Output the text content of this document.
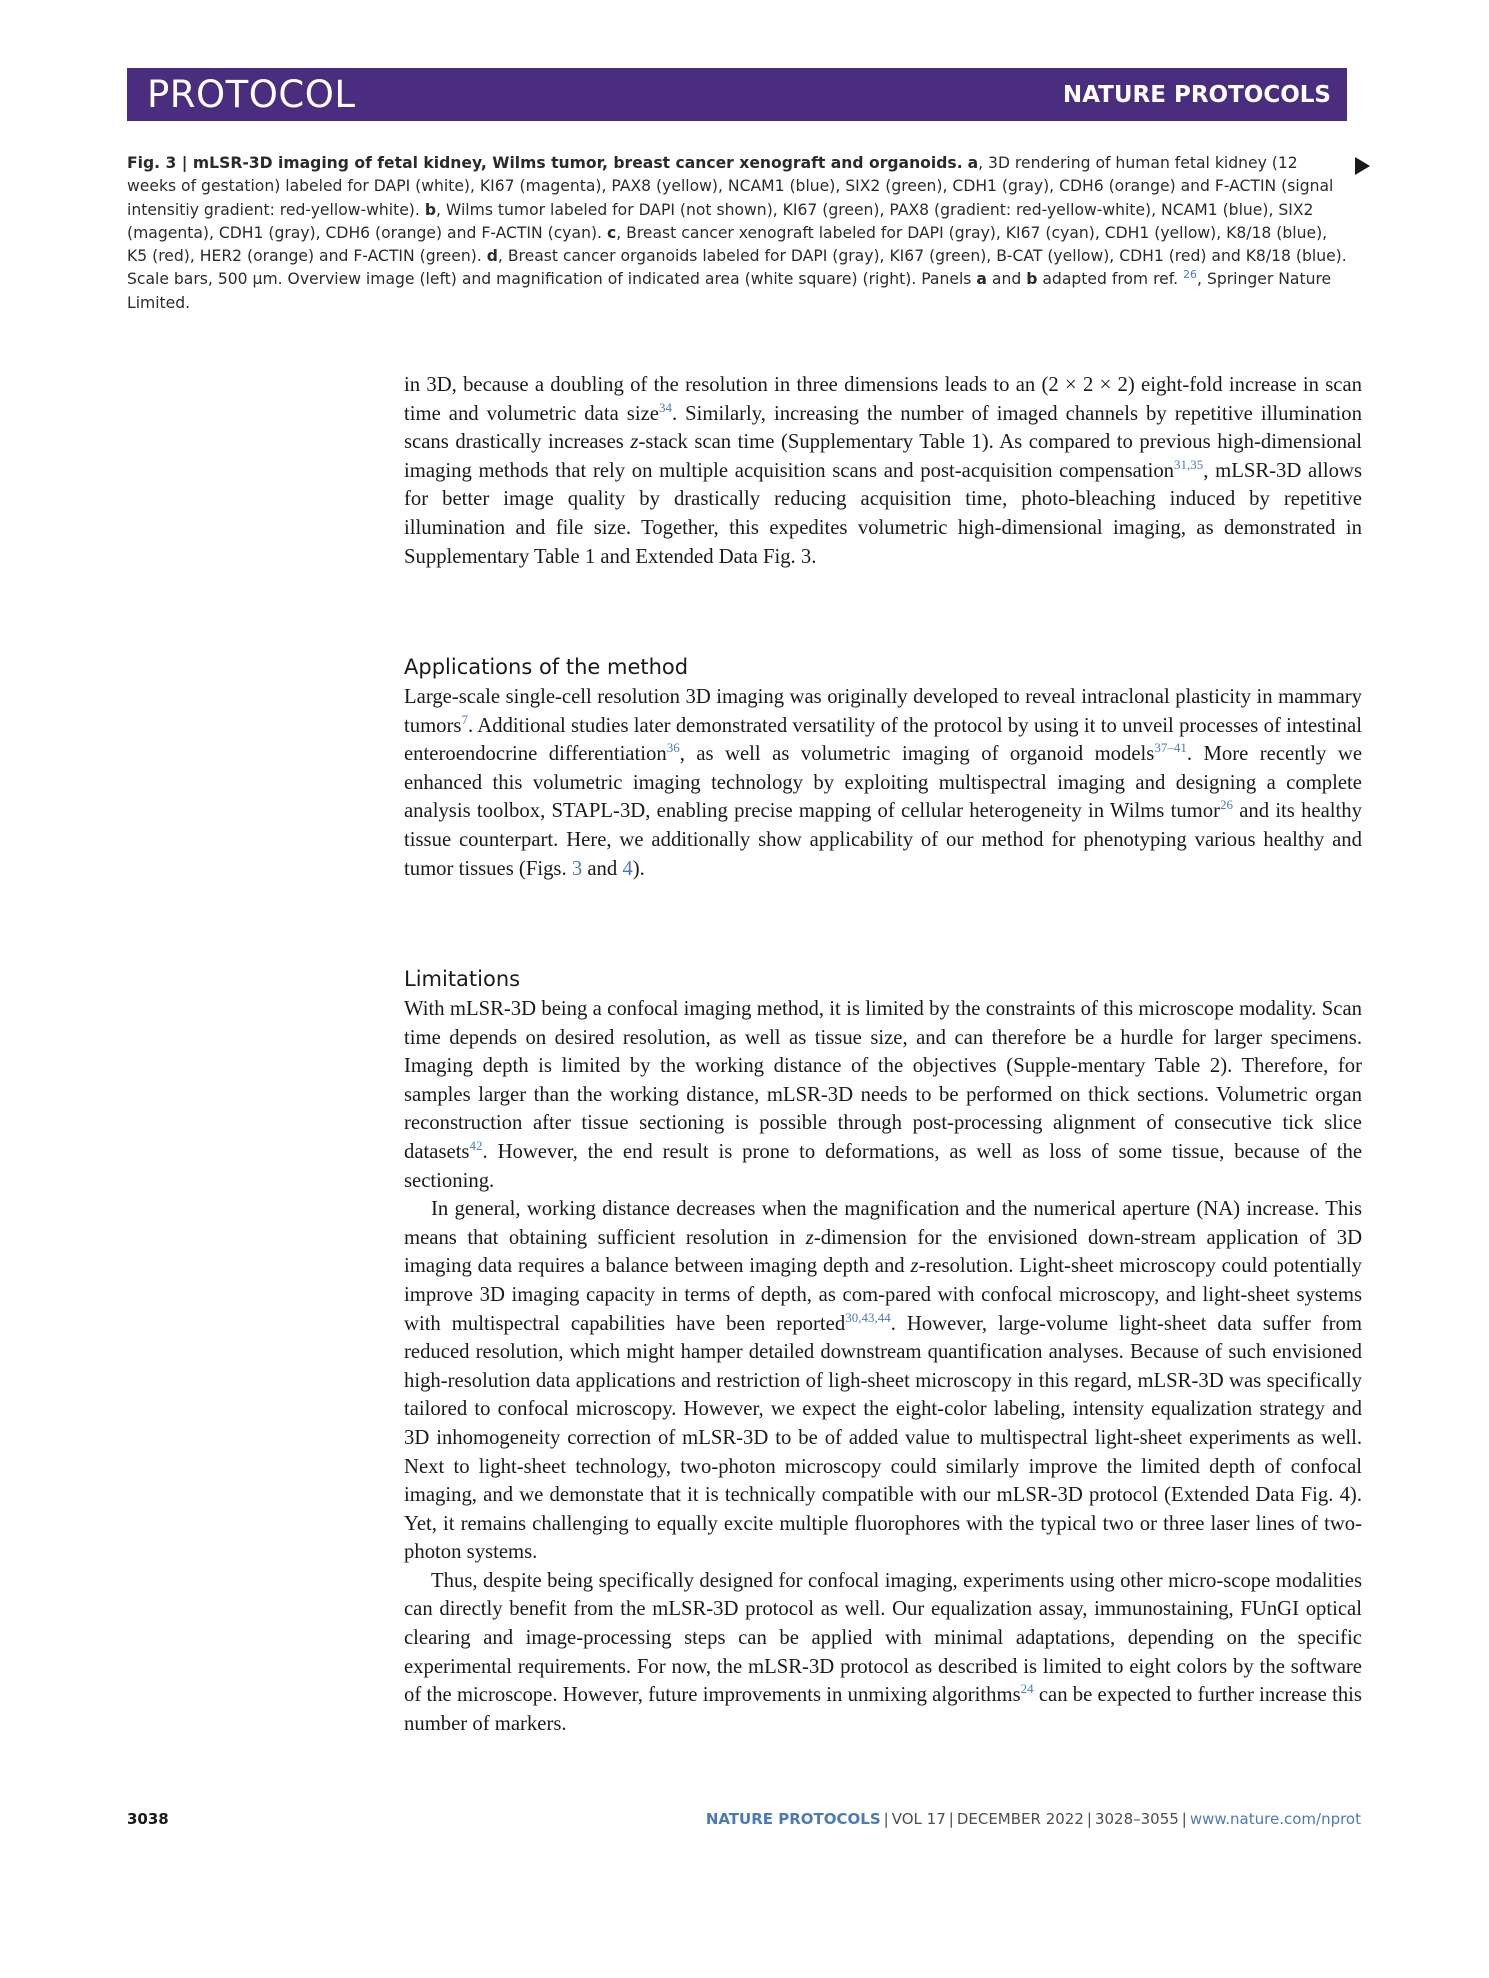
PROTOCOL	NATURE PROTOCOLS
Fig. 3 | mLSR-3D imaging of fetal kidney, Wilms tumor, breast cancer xenograft and organoids. a, 3D rendering of human fetal kidney (12 weeks of gestation) labeled for DAPI (white), KI67 (magenta), PAX8 (yellow), NCAM1 (blue), SIX2 (green), CDH1 (gray), CDH6 (orange) and F-ACTIN (signal intensitiy gradient: red-yellow-white). b, Wilms tumor labeled for DAPI (not shown), KI67 (green), PAX8 (gradient: red-yellow-white), NCAM1 (blue), SIX2 (magenta), CDH1 (gray), CDH6 (orange) and F-ACTIN (cyan). c, Breast cancer xenograft labeled for DAPI (gray), KI67 (cyan), CDH1 (yellow), K8/18 (blue), K5 (red), HER2 (orange) and F-ACTIN (green). d, Breast cancer organoids labeled for DAPI (gray), KI67 (green), B-CAT (yellow), CDH1 (red) and K8/18 (blue). Scale bars, 500 µm. Overview image (left) and magnification of indicated area (white square) (right). Panels a and b adapted from ref. $^{26}$, Springer Nature Limited.

in 3D, because a doubling of the resolution in three dimensions leads to an (2 × 2 × 2) eight-fold increase in scan time and volumetric data size$^{34}$. Similarly, increasing the number of imaged channels by repetitive illumination scans drastically increases z-stack scan time (Supplementary Table 1). As compared to previous high-dimensional imaging methods that rely on multiple acquisition scans and post-acquisition compensation$^{31,35}$, mLSR-3D allows for better image quality by drastically reducing acquisition time, photo-bleaching induced by repetitive illumination and file size. Together, this expedites volumetric high-dimensional imaging, as demonstrated in Supplementary Table 1 and Extended Data Fig. 3.

Applications of the method

Large-scale single-cell resolution 3D imaging was originally developed to reveal intraclonal plasticity in mammary tumors$^7$. Additional studies later demonstrated versatility of the protocol by using it to unveil processes of intestinal enteroendocrine differentiation$^{36}$, as well as volumetric imaging of organoid models$^{37-41}$. More recently we enhanced this volumetric imaging technology by exploiting multispectral imaging and designing a complete analysis toolbox, STAPL-3D, enabling precise mapping of cellular heterogeneity in Wilms tumor$^{26}$ and its healthy tissue counterpart. Here, we additionally show applicability of our method for phenotyping various healthy and tumor tissues (Figs. 3 and 4).

Limitations

With mLSR-3D being a confocal imaging method, it is limited by the constraints of this microscope modality. Scan time depends on desired resolution, as well as tissue size, and can therefore be a hurdle for larger specimens. Imaging depth is limited by the working distance of the objectives (Supple-mentary Table 2). Therefore, for samples larger than the working distance, mLSR-3D needs to be performed on thick sections. Volumetric organ reconstruction after tissue sectioning is possible through post-processing alignment of consecutive tick slice datasets$^{42}$. However, the end result is prone to deformations, as well as loss of some tissue, because of the sectioning.

In general, working distance decreases when the magnification and the numerical aperture (NA) increase. This means that obtaining sufficient resolution in z-dimension for the envisioned down-stream application of 3D imaging data requires a balance between imaging depth and z-resolution. Light-sheet microscopy could potentially improve 3D imaging capacity in terms of depth, as com-pared with confocal microscopy, and light-sheet systems with multispectral capabilities have been reported$^{30,43,44}$. However, large-volume light-sheet data suffer from reduced resolution, which might hamper detailed downstream quantification analyses. Because of such envisioned high-resolution data applications and restriction of ligh-sheet microscopy in this regard, mLSR-3D was specifically tailored to confocal microscopy. However, we expect the eight-color labeling, intensity equalization strategy and 3D inhomogeneity correction of mLSR-3D to be of added value to multispectral light-sheet experiments as well. Next to light-sheet technology, two-photon microscopy could similarly improve the limited depth of confocal imaging, and we demonstate that it is technically compatible with our mLSR-3D protocol (Extended Data Fig. 4). Yet, it remains challenging to equally excite multiple fluorophores with the typical two or three laser lines of two-photon systems.

Thus, despite being specifically designed for confocal imaging, experiments using other micro-scope modalities can directly benefit from the mLSR-3D protocol as well. Our equalization assay, immunostaining, FUnGI optical clearing and image-processing steps can be applied with minimal adaptations, depending on the specific experimental requirements. For now, the mLSR-3D protocol as described is limited to eight colors by the software of the microscope. However, future improvements in unmixing algorithms$^{24}$ can be expected to further increase this number of markers.

3038	NATURE PROTOCOLS | VOL 17 | DECEMBER 2022 | 3028–3055 | www.nature.com/nprot
